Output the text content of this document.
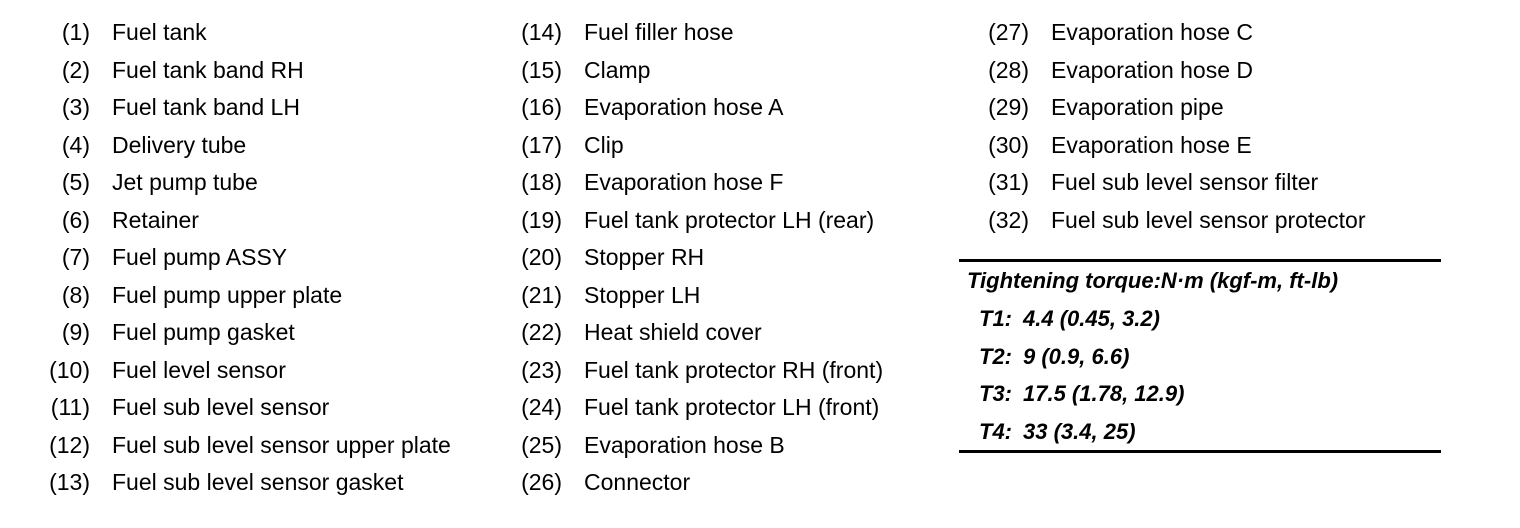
(1) Fuel tank
(2) Fuel tank band RH
(3) Fuel tank band LH
(4) Delivery tube
(5) Jet pump tube
(6) Retainer
(7) Fuel pump ASSY
(8) Fuel pump upper plate
(9) Fuel pump gasket
(10) Fuel level sensor
(11) Fuel sub level sensor
(12) Fuel sub level sensor upper plate
(13) Fuel sub level sensor gasket
(14) Fuel filler hose
(15) Clamp
(16) Evaporation hose A
(17) Clip
(18) Evaporation hose F
(19) Fuel tank protector LH (rear)
(20) Stopper RH
(21) Stopper LH
(22) Heat shield cover
(23) Fuel tank protector RH (front)
(24) Fuel tank protector LH (front)
(25) Evaporation hose B
(26) Connector
(27) Evaporation hose C
(28) Evaporation hose D
(29) Evaporation pipe
(30) Evaporation hose E
(31) Fuel sub level sensor filter
(32) Fuel sub level sensor protector
Tightening torque:N·m (kgf-m, ft-lb)
T1: 4.4 (0.45, 3.2)
T2: 9 (0.9, 6.6)
T3: 17.5 (1.78, 12.9)
T4: 33 (3.4, 25)
